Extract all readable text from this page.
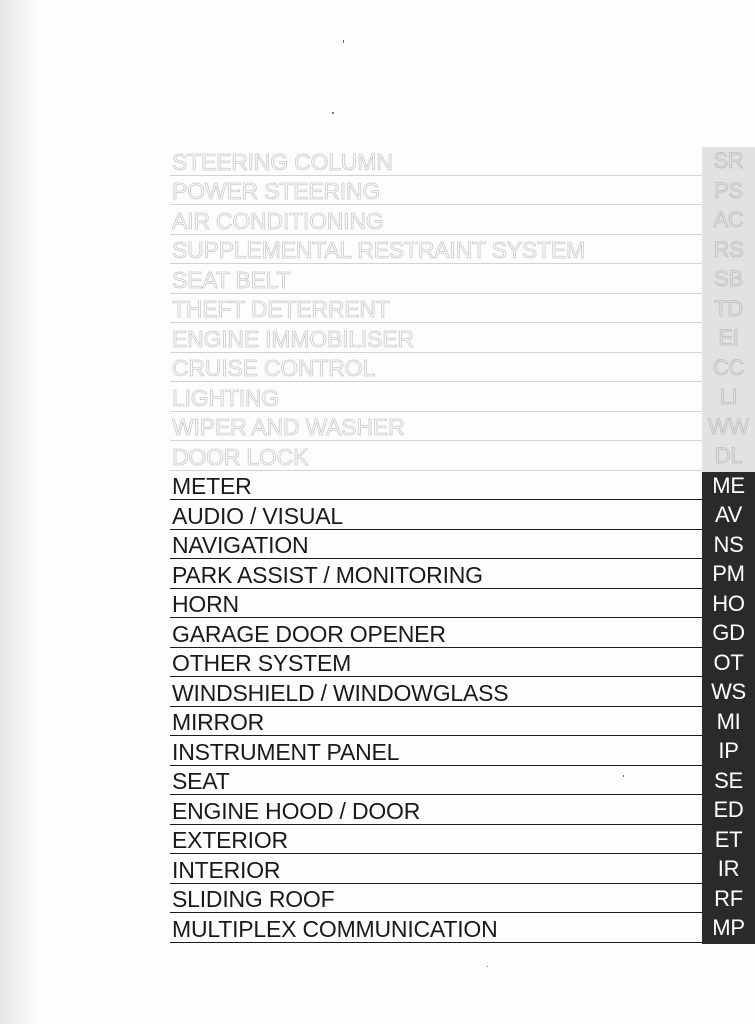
STEERING COLUMN	SR
POWER STEERING	PS
AIR CONDITIONING	AC
SUPPLEMENTAL RESTRAINT SYSTEM	RS
SEAT BELT	SB
THEFT DETERRENT	TD
ENGINE IMMOBILISER	EI
CRUISE CONTROL	CC
LIGHTING	LI
WIPER AND WASHER	WW
DOOR LOCK	DL
METER	ME
AUDIO / VISUAL	AV
NAVIGATION	NS
PARK ASSIST / MONITORING	PM
HORN	HO
GARAGE DOOR OPENER	GD
OTHER SYSTEM	OT
WINDSHIELD / WINDOWGLASS	WS
MIRROR	MI
INSTRUMENT PANEL	IP
SEAT	SE
ENGINE HOOD / DOOR	ED
EXTERIOR	ET
INTERIOR	IR
SLIDING ROOF	RF
MULTIPLEX COMMUNICATION	MP
